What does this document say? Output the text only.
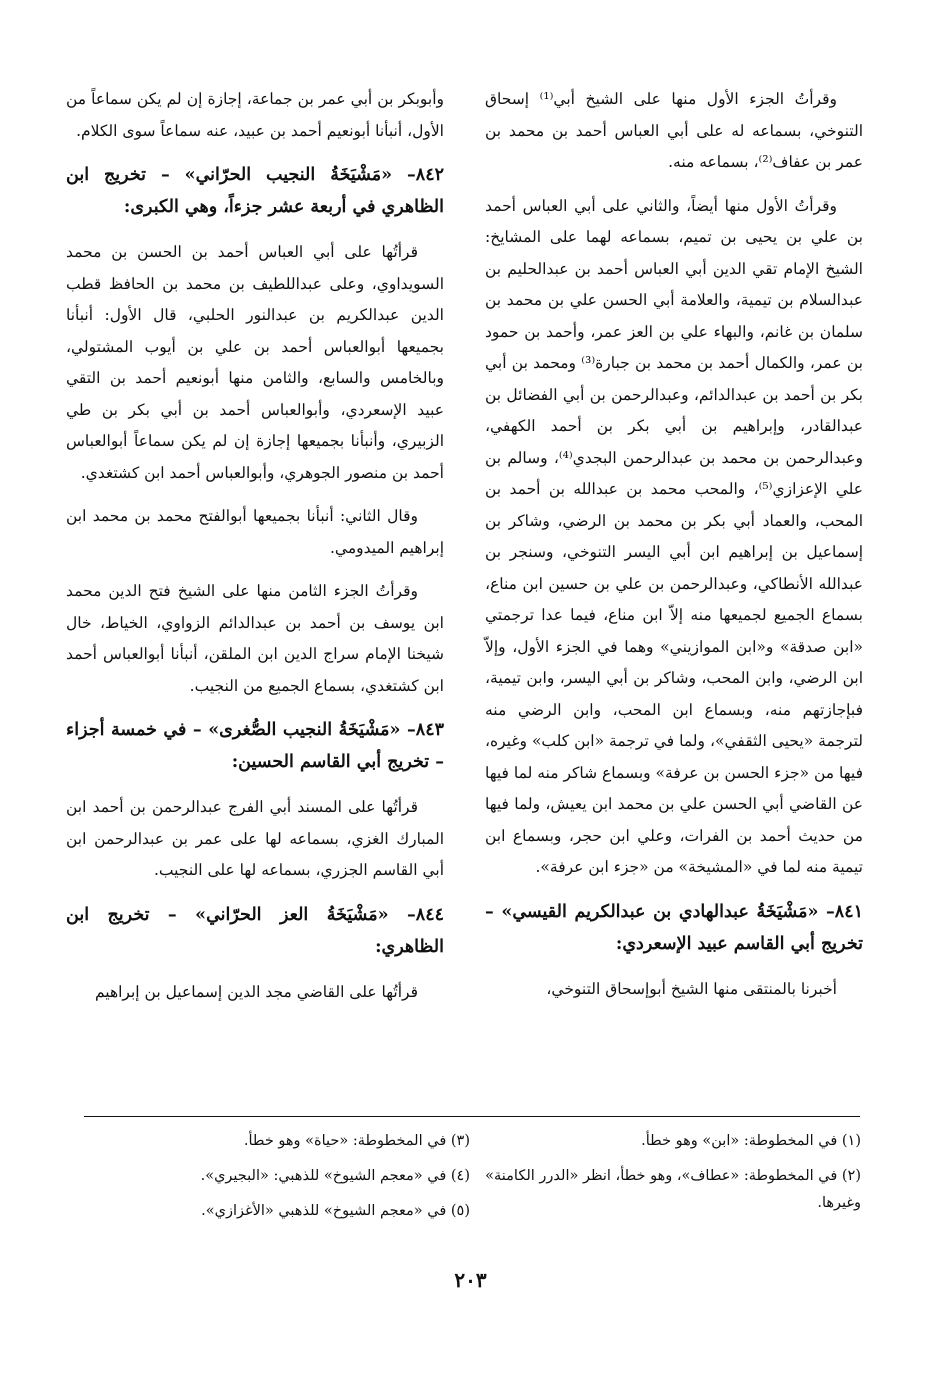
وقرأتُ الجزء الأول منها على الشيخ أبي⁽¹⁾ إسحاق التنوخي، بسماعه له على أبي العباس أحمد بن محمد بن عمر بن عفاف⁽²⁾، بسماعه منه.

وقرأتُ الأول منها أيضاً، والثاني على أبي العباس أحمد بن علي بن يحيى بن تميم، بسماعه لهما على المشايخ: الشيخ الإمام تقي الدين أبي العباس أحمد بن عبدالحليم بن عبدالسلام بن تيمية، والعلامة أبي الحسن علي بن محمد بن سلمان بن غانم، والبهاء علي بن العز عمر، وأحمد بن حمود بن عمر، والكمال أحمد بن محمد بن جبارة⁽³⁾ ومحمد بن أبي بكر بن أحمد بن عبدالدائم، وعبدالرحمن بن أبي الفضائل بن عبدالقادر، وإبراهيم بن أبي بكر بن أحمد الكهفي، وعبدالرحمن بن محمد بن عبدالرحمن البجدي⁽⁴⁾، وسالم بن علي الإعزازي⁽⁵⁾، والمحب محمد بن عبدالله بن أحمد بن المحب، والعماد أبي بكر بن محمد بن الرضي، وشاكر بن إسماعيل بن إبراهيم ابن أبي اليسر التنوخي، وسنجر بن عبدالله الأنطاكي، وعبدالرحمن بن علي بن حسين ابن مناع، بسماع الجميع لجميعها منه إلاّ ابن مناع، فيما عدا ترجمتي «ابن صدقة» و«ابن الموازيني» وهما في الجزء الأول، وإلاّ ابن الرضي، وابن المحب، وشاكر بن أبي اليسر، وابن تيمية، فبإجازتهم منه، وبسماع ابن المحب، وابن الرضي منه لترجمة «يحيى الثقفي»، ولما في ترجمة «ابن كلب» وغيره، فيها من «جزء الحسن بن عرفة» وبسماع شاكر منه لما فيها عن القاضي أبي الحسن علي بن محمد ابن يعيش، ولما فيها من حديث أحمد بن الفرات، وعلي ابن حجر، وبسماع ابن تيمية منه لما في «المشيخة» من «جزء ابن عرفة».

٨٤١– «مَشْيَخَةُ عبدالهادي بن عبدالكريم القيسي» – تخريج أبي القاسم عبيد الإسعردي:

أخبرنا بالمنتقى منها الشيخ أبوإسحاق التنوخي،

وأبوبكر بن أبي عمر بن جماعة، إجازة إن لم يكن سماعاً من الأول، أنبأنا أبونعيم أحمد بن عبيد، عنه سماعاً سوى الكلام.

٨٤٢– «مَشْيَخَةُ النجيب الحرّاني» – تخريج ابن الظاهري في أربعة عشر جزءاً، وهي الكبرى:

قرأتُها على أبي العباس أحمد بن الحسن بن محمد السويداوي، وعلى عبداللطيف بن محمد بن الحافظ قطب الدين عبدالكريم بن عبدالنور الحلبي، قال الأول: أنبأنا بجميعها أبوالعباس أحمد بن علي بن أيوب المشتولي، وبالخامس والسابع، والثامن منها أبونعيم أحمد بن التقي عبيد الإسعردي، وأبوالعباس أحمد بن أبي بكر بن طي الزبيري، وأنبأنا بجميعها إجازة إن لم يكن سماعاً أبوالعباس أحمد بن منصور الجوهري، وأبوالعباس أحمد ابن كشتغدي.

وقال الثاني: أنبأنا بجميعها أبوالفتح محمد بن محمد ابن إبراهيم الميدومي.

وقرأتُ الجزء الثامن منها على الشيخ فتح الدين محمد ابن يوسف بن أحمد بن عبدالدائم الزواوي، الخياط، خال شيخنا الإمام سراج الدين ابن الملقن، أنبأنا أبوالعباس أحمد ابن كشتغدي، بسماع الجميع من النجيب.

٨٤٣– «مَشْيَخَةُ النجيب الصُّغرى» – في خمسة أجزاء – تخريج أبي القاسم الحسين:

قرأتُها على المسند أبي الفرج عبدالرحمن بن أحمد ابن المبارك الغزي، بسماعه لها على عمر بن عبدالرحمن ابن أبي القاسم الجزري، بسماعه لها على النجيب.

٨٤٤– «مَشْيَخَةُ العز الحرّاني» – تخريج ابن الظاهري:

قرأتُها على القاضي مجد الدين إسماعيل بن إبراهيم

(١) في المخطوطة: «ابن» وهو خطأ.

(٢) في المخطوطة: «عطاف»، وهو خطأ، انظر «الدرر الكامنة» وغيرها.

(٣) في المخطوطة: «حياة» وهو خطأ.

(٤) في «معجم الشيوخ» للذهبي: «البجيري».

(٥) في «معجم الشيوخ» للذهبي «الأغزازي».

٢٠٣
